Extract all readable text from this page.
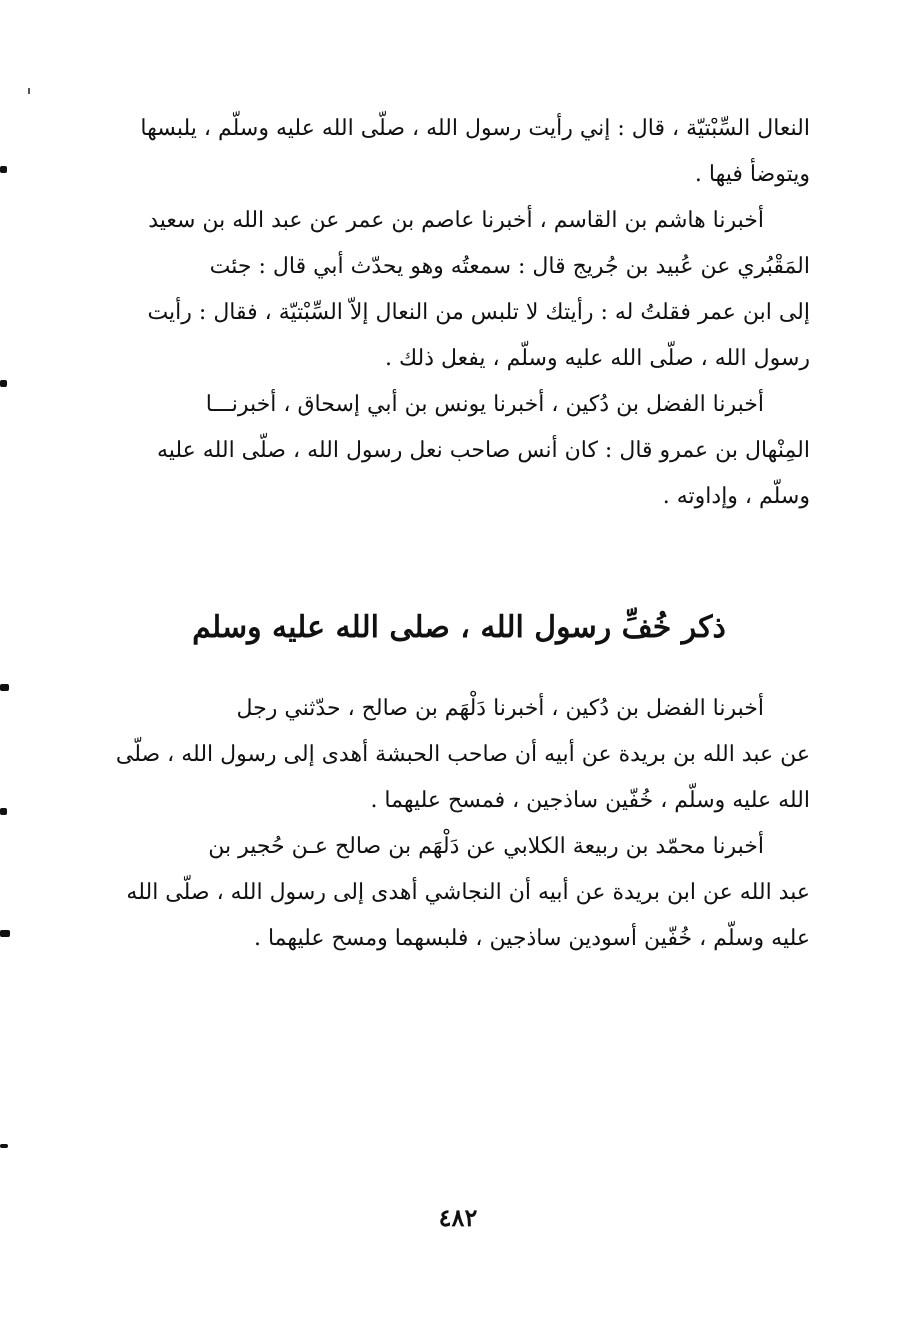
النعال السِّبْتيّة ، قال : إني رأيت رسول الله ، صلّى الله عليه وسلّم ، يلبسها
ويتوضأ فيها .
أخبرنا هاشم بن القاسم ، أخبرنا عاصم بن عمر عن عبد الله بن سعيد
المَقْبُري عن عُبيد بن جُريج قال : سمعتُه وهو يحدّث أبي قال : جئت
إلى ابن عمر فقلتُ له : رأيتك لا تلبس من النعال إلاّ السِّبْتيّة ، فقال : رأيت
رسول الله ، صلّى الله عليه وسلّم ، يفعل ذلك .
أخبرنا الفضل بن دُكين ، أخبرنا يونس بن أبي إسحاق ، أخبرنـــا
المِنْهال بن عمرو قال : كان أنس صاحب نعل رسول الله ، صلّى الله عليه
وسلّم ، وإداوته .
ذكر خُفِّ رسول الله ، صلى الله عليه وسلم
أخبرنا الفضل بن دُكين ، أخبرنا دَلْهَم بن صالح ، حدّثني رجل
عن عبد الله بن بريدة عن أبيه أن صاحب الحبشة أهدى إلى رسول الله ، صلّى
الله عليه وسلّم ، خُفّين ساذجين ، فمسح عليهما .
أخبرنا محمّد بن ربيعة الكلابي عن دَلْهَم بن صالح عـن حُجير بن
عبد الله عن ابن بريدة عن أبيه أن النجاشي أهدى إلى رسول الله ، صلّى الله
عليه وسلّم ، خُفّين أسودين ساذجين ، فلبسهما ومسح عليهما .
٤٨٢
